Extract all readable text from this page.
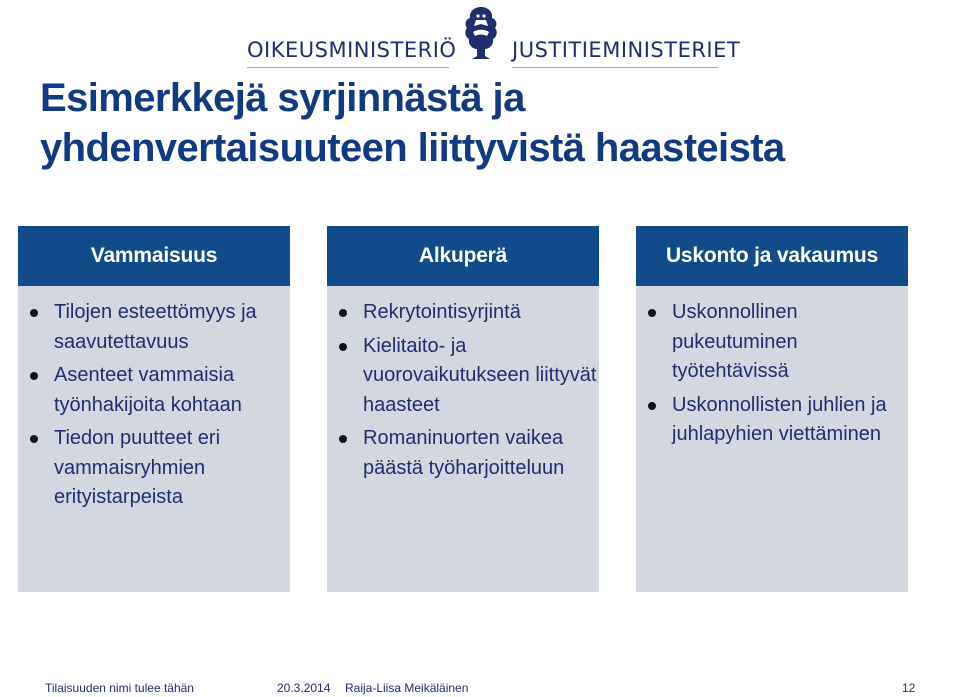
OIKEUSMINISTERIÖ	JUSTITIEMINISTERIET
Esimerkkejä syrjinnästä ja
yhdenvertaisuuteen liittyvistä haasteista
Vammaisuus
Tilojen esteettömyys ja saavutettavuus
Asenteet vammaisia työnhakijoita kohtaan
Tiedon puutteet eri vammaisryhmien erityistarpeista
Alkuperä
Rekrytointisyrjintä
Kielitaito- ja vuorovaikutukseen liittyvät haasteet
Romaninuorten vaikea päästä työharjoitteluun
Uskonto ja vakaumus
Uskonnollinen pukeutuminen työtehtävissä
Uskonnollisten juhlien ja juhlapyhien viettäminen
Tilaisuuden nimi tulee tähän	20.3.2014 Raija-Liisa Meikäläinen	12
